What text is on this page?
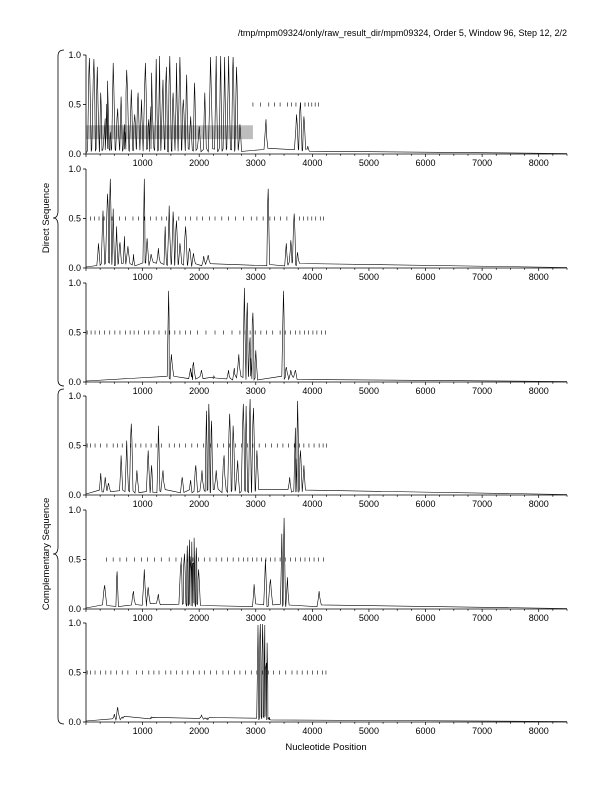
/tmp/mpm09324/only/raw_result_dir/mpm09324, Order 5, Window 96, Step 12, 2/2
0.0
0.5
1.0
1000	2000	3000	4000	5000	6000	7000	8000
0.0
0.5
1.0
1000	2000	3000	4000	5000	6000	7000	8000
0.0
0.5
1.0
1000	2000	3000	4000	5000	6000	7000	8000
0.0
0.5
1.0
1000	2000	3000	4000	5000	6000	7000	8000
0.0
0.5
1.0
1000	2000	3000	4000	5000	6000	7000	8000
0.0
0.5
1.0
1000	2000	3000	4000	5000	6000	7000	8000
Direct Sequence
Complementary Sequence
Nucleotide Position
